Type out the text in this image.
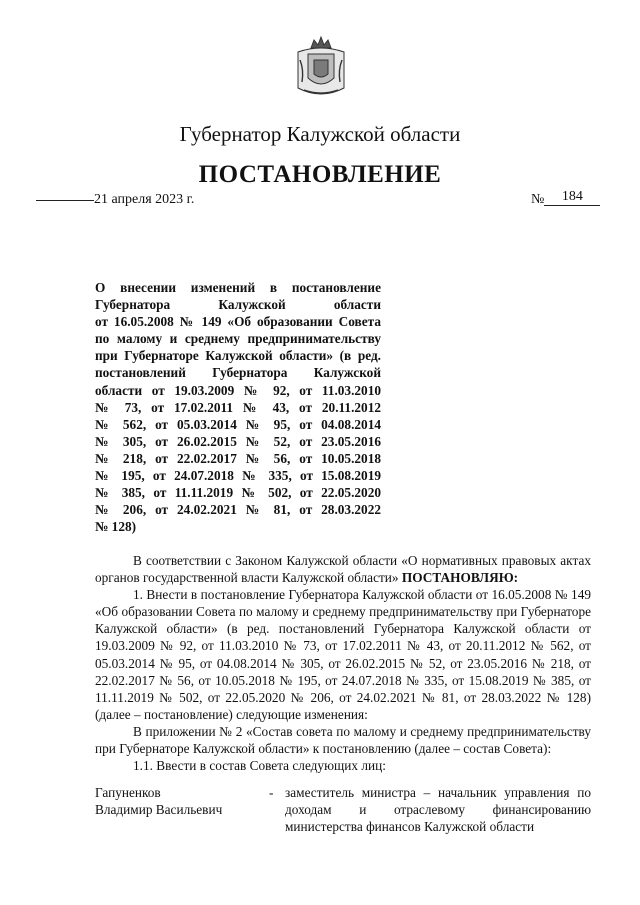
Губернатор Калужской области
ПОСТАНОВЛЕНИЕ
21 апреля 2023 г.	№ 184
О внесении изменений в постановление
Губернатора Калужской области
от 16.05.2008 № 149 «Об образовании Совета
по малому и среднему предпринимательству
при Губернаторе Калужской области» (в ред.
постановлений Губернатора Калужской
области от 19.03.2009 № 92, от 11.03.2010
№ 73, от 17.02.2011 № 43, от 20.11.2012
№ 562, от 05.03.2014 № 95, от 04.08.2014
№ 305, от 26.02.2015 № 52, от 23.05.2016
№ 218, от 22.02.2017 № 56, от 10.05.2018
№ 195, от 24.07.2018 № 335, от 15.08.2019
№ 385, от 11.11.2019 № 502, от 22.05.2020
№ 206, от 24.02.2021 № 81, от 28.03.2022
№ 128)

В соответствии с Законом Калужской области «О нормативных правовых актах органов государственной власти Калужской области» ПОСТАНОВЛЯЮ:

1. Внести в постановление Губернатора Калужской области от 16.05.2008 № 149 «Об образовании Совета по малому и среднему предпринимательству при Губернаторе Калужской области» (в ред. постановлений Губернатора Калужской области от 19.03.2009 № 92, от 11.03.2010 № 73, от 17.02.2011 № 43, от 20.11.2012 № 562, от 05.03.2014 № 95, от 04.08.2014 № 305, от 26.02.2015 № 52, от 23.05.2016 № 218, от 22.02.2017 № 56, от 10.05.2018 № 195, от 24.07.2018 № 335, от 15.08.2019 № 385, от 11.11.2019 № 502, от 22.05.2020 № 206, от 24.02.2021 № 81, от 28.03.2022 № 128) (далее – постановление) следующие изменения:

В приложении № 2 «Состав совета по малому и среднему предпринимательству при Губернаторе Калужской области» к постановлению (далее – состав Совета):

1.1. Ввести в состав Совета следующих лиц:

Гапуненков
Владимир Васильевич
- заместитель министра – начальник управления по доходам и отраслевому финансированию министерства финансов Калужской области
